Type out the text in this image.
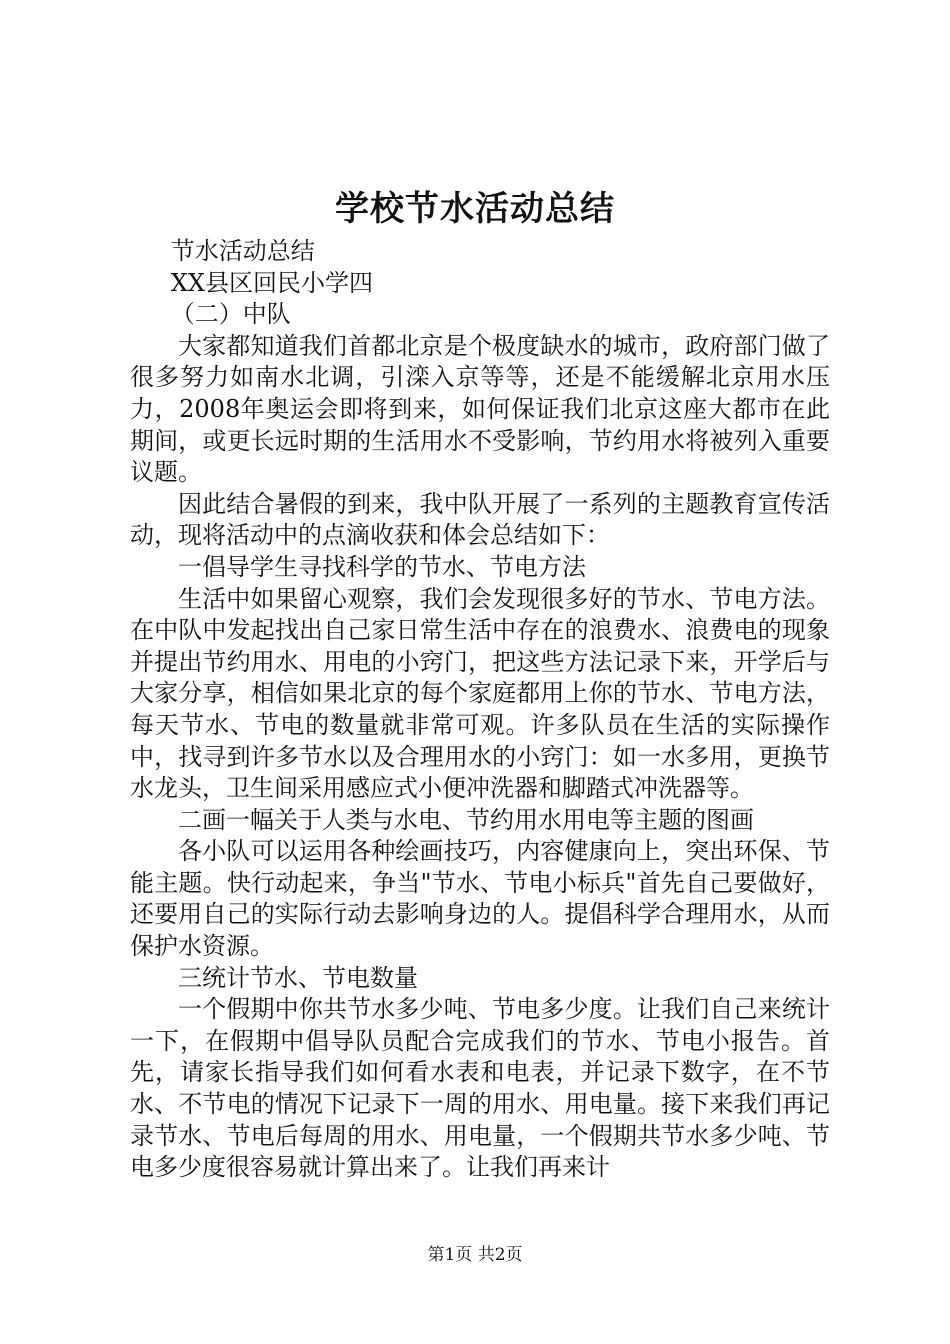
学校节水活动总结

节水活动总结

XX县区回民小学四

（二）中队

大家都知道我们首都北京是个极度缺水的城市，政府部门做了很多努力如南水北调，引滦入京等等，还是不能缓解北京用水压力，2008年奥运会即将到来，如何保证我们北京这座大都市在此期间，或更长远时期的生活用水不受影响，节约用水将被列入重要议题。

因此结合暑假的到来，我中队开展了一系列的主题教育宣传活动，现将活动中的点滴收获和体会总结如下：

一倡导学生寻找科学的节水、节电方法

生活中如果留心观察，我们会发现很多好的节水、节电方法。在中队中发起找出自己家日常生活中存在的浪费水、浪费电的现象并提出节约用水、用电的小窍门，把这些方法记录下来，开学后与大家分享，相信如果北京的每个家庭都用上你的节水、节电方法，每天节水、节电的数量就非常可观。许多队员在生活的实际操作中，找寻到许多节水以及合理用水的小窍门：如一水多用，更换节水龙头，卫生间采用感应式小便冲洗器和脚踏式冲洗器等。

二画一幅关于人类与水电、节约用水用电等主题的图画

各小队可以运用各种绘画技巧，内容健康向上，突出环保、节能主题。快行动起来，争当"节水、节电小标兵"首先自己要做好，还要用自己的实际行动去影响身边的人。提倡科学合理用水，从而保护水资源。

三统计节水、节电数量

一个假期中你共节水多少吨、节电多少度。让我们自己来统计一下，在假期中倡导队员配合完成我们的节水、节电小报告。首先，请家长指导我们如何看水表和电表，并记录下数字，在不节水、不节电的情况下记录下一周的用水、用电量。接下来我们再记录节水、节电后每周的用水、用电量，一个假期共节水多少吨、节电多少度很容易就计算出来了。让我们再来计

第1页 共2页
